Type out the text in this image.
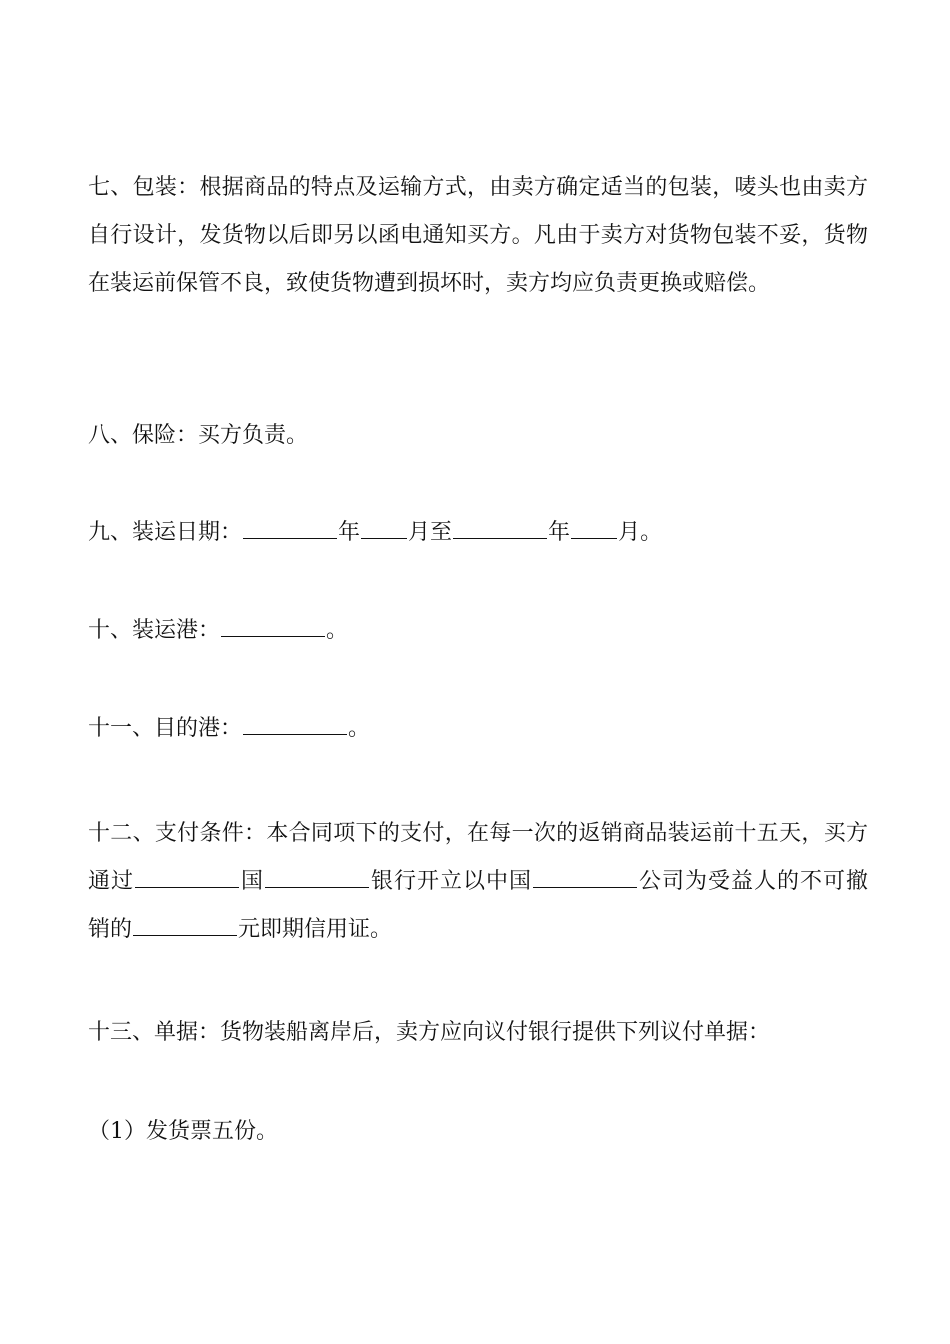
七、包装：根据商品的特点及运输方式，由卖方确定适当的包装，唛头也由卖方自行设计，发货物以后即另以函电通知买方。凡由于卖方对货物包装不妥，货物在装运前保管不良，致使货物遭到损坏时，卖方均应负责更换或赔偿。

八、保险：买方负责。

九、装运日期：	年 月至	年 月。

十、装运港：	。

十一、目的港：	。

十二、支付条件：本合同项下的支付，在每一次的返销商品装运前十五天，买方通过	国	银行开立以中国	公司为受益人的不可撤销的	元即期信用证。

十三、单据：货物装船离岸后，卖方应向议付银行提供下列议付单据：

（1）发货票五份。
